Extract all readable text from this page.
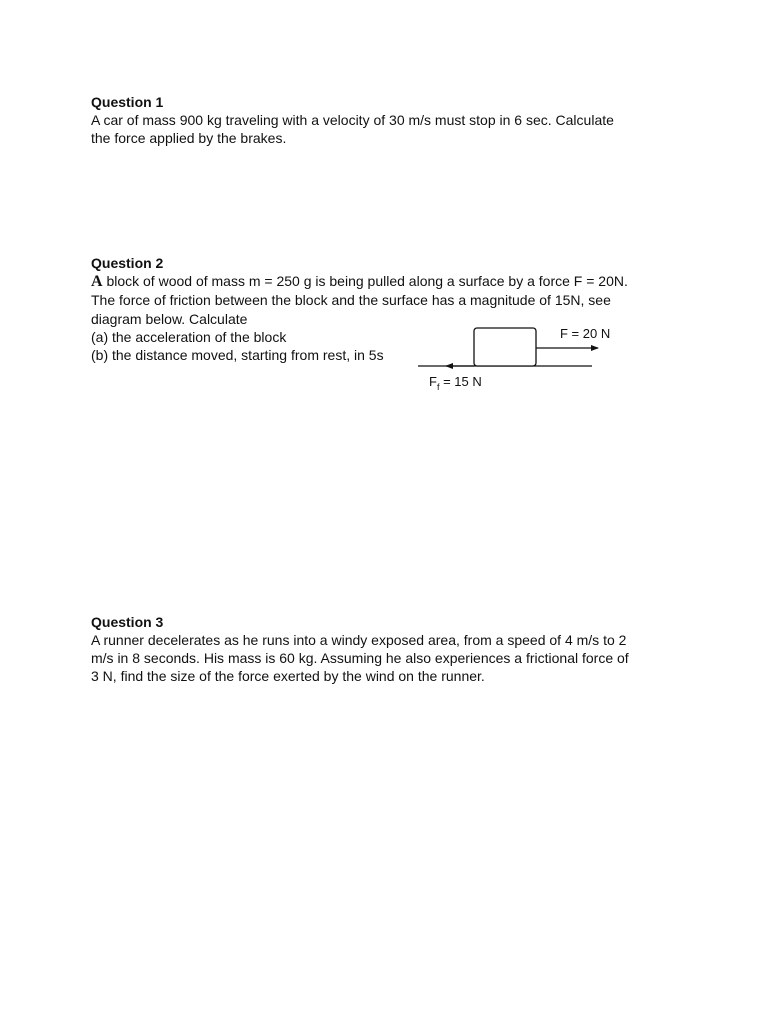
Question 1

A car of mass 900 kg traveling with a velocity of 30 m/s must stop in 6 sec. Calculate

the force applied by the brakes.

Question 2

A block of wood of mass m = 250 g is being pulled along a surface by a force F = 20N.

The force of friction between the block and the surface has a magnitude of 15N, see

diagram below. Calculate

(a) the acceleration of the block

(b) the distance moved, starting from rest, in 5s

F = 20 N
$F_f = 15$ N

Question 3

A runner decelerates as he runs into a windy exposed area, from a speed of 4 m/s to 2

m/s in 8 seconds. His mass is 60 kg. Assuming he also experiences a frictional force of

3 N, find the size of the force exerted by the wind on the runner.
